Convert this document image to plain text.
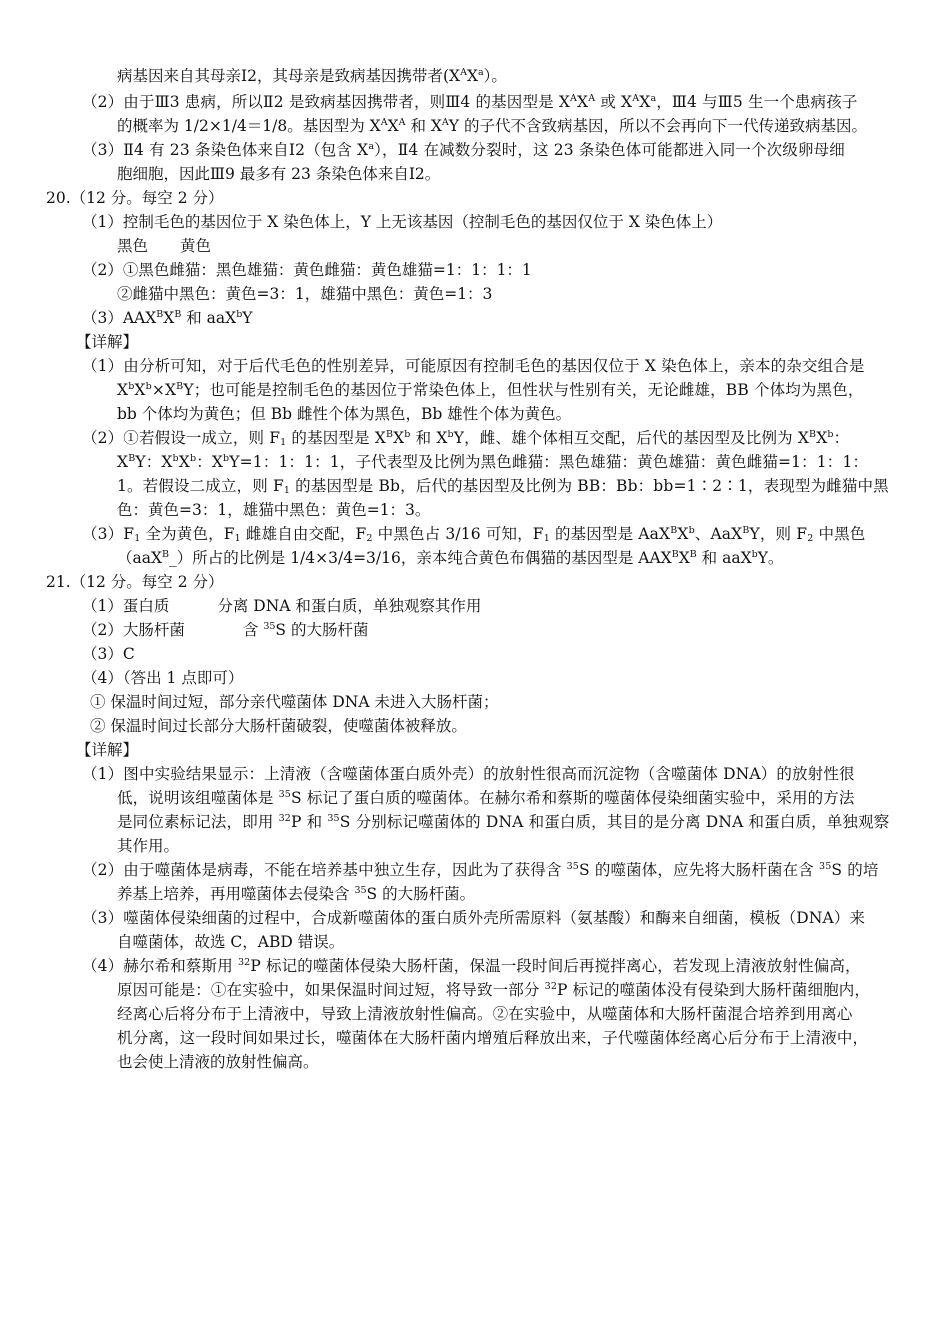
病基因来自其母亲Ⅰ2，其母亲是致病基因携带者$(X^AX^a)$。
（2）由于Ⅲ3 患病，所以Ⅱ2 是致病基因携带者，则Ⅲ4 的基因型是 $X^AX^A$ 或 $X^AX^a$，Ⅲ4 与Ⅲ5 生一个患病孩子
的概率为 1/2×1/4＝1/8。基因型为 $X^AX^A$ 和 $X^AY$ 的子代不含致病基因，所以不会再向下一代传递致病基因。
（3）Ⅱ4 有 23 条染色体来自Ⅰ2（包含 $X^a$），Ⅱ4 在减数分裂时，这 23 条染色体可能都进入同一个次级卵母细
胞细胞，因此Ⅲ9 最多有 23 条染色体来自Ⅰ2。
20.（12 分。每空 2 分）
（1）控制毛色的基因位于 X 染色体上，Y 上无该基因（控制毛色的基因仅位于 X 染色体上）
黑色 黄色
（2）①黑色雌猫：黑色雄猫：黄色雌猫：黄色雄猫=1：1：1：1
②雌猫中黑色：黄色=3：1，雄猫中黑色：黄色=1：3
$(3)AAX^BX^B$ 和 aaX$^b$Y
【详解】
（1）由分析可知，对于后代毛色的性别差异，可能原因有控制毛色的基因仅位于 X 染色体上，亲本的杂交组合是
$X^bX^b\times X^BY$；也可能是控制毛色的基因位于常染色体上，但性状与性别有关，无论雌雄，BB 个体均为黑色，
bb 个体均为黄色；但 Bb 雌性个体为黑色，Bb 雄性个体为黄色。
（2）①若假设一成立，则 $F_1$ 的基因型是 $X^BX^b$ 和 $X^bY$，雌、雄个体相互交配，后代的基因型及比例为 $X^BX^b$：
$X^BY$：$X^bX^b$：$X^bY=1$：1：1：1，子代表型及比例为黑色雌猫：黑色雄猫：黄色雄猫：黄色雌猫=1：1：1：
1。若假设二成立，则 $F_1$ 的基因型是 Bb，后代的基因型及比例为 BB：Bb：bb=1∶2∶1，表现型为雌猫中黑
色：黄色=3：1，雄猫中黑色：黄色=1：3。
$(3)F_1$ 全为黄色，$F_1$ 雌雄自由交配，$F_2$ 中黑色占 3/16 可知，$F_1$ 的基因型是 $AaX^BX^b$、AaX$^B$Y，则 $F_2$ 中黑色
（aaX$^B$_）所占的比例是 1/4×3/4=3/16，亲本纯合黄色布偶猫的基因型是 $AAX^BX^B$ 和 aaX$^b$Y。
21.（12 分。每空 2 分）
（1）蛋白质	分离 DNA 和蛋白质，单独观察其作用
（2）大肠杆菌	含 $^{35}$S 的大肠杆菌
（3）C
（4）（答出 1 点即可）
① 保温时间过短，部分亲代噬菌体 DNA 未进入大肠杆菌；
② 保温时间过长部分大肠杆菌破裂，使噬菌体被释放。
【详解】
（1）图中实验结果显示：上清液（含噬菌体蛋白质外壳）的放射性很高而沉淀物（含噬菌体 DNA）的放射性很
低，说明该组噬菌体是 $^{35}$S 标记了蛋白质的噬菌体。在赫尔希和蔡斯的噬菌体侵染细菌实验中，采用的方法
是同位素标记法，即用 $^{32}$P 和 $^{35}$S 分别标记噬菌体的 DNA 和蛋白质，其目的是分离 DNA 和蛋白质，单独观察
其作用。
（2）由于噬菌体是病毒，不能在培养基中独立生存，因此为了获得含 $^{35}$S 的噬菌体，应先将大肠杆菌在含 $^{35}$S 的培
养基上培养，再用噬菌体去侵染含 $^{35}$S 的大肠杆菌。
（3）噬菌体侵染细菌的过程中，合成新噬菌体的蛋白质外壳所需原料（氨基酸）和酶来自细菌，模板（DNA）来
自噬菌体，故选 C，ABD 错误。
（4）赫尔希和蔡斯用 $^{32}$P 标记的噬菌体侵染大肠杆菌，保温一段时间后再搅拌离心，若发现上清液放射性偏高，
原因可能是：①在实验中，如果保温时间过短，将导致一部分 $^{32}$P 标记的噬菌体没有侵染到大肠杆菌细胞内，
经离心后将分布于上清液中，导致上清液放射性偏高。②在实验中，从噬菌体和大肠杆菌混合培养到用离心
机分离，这一段时间如果过长，噬菌体在大肠杆菌内增殖后释放出来，子代噬菌体经离心后分布于上清液中，
也会使上清液的放射性偏高。
